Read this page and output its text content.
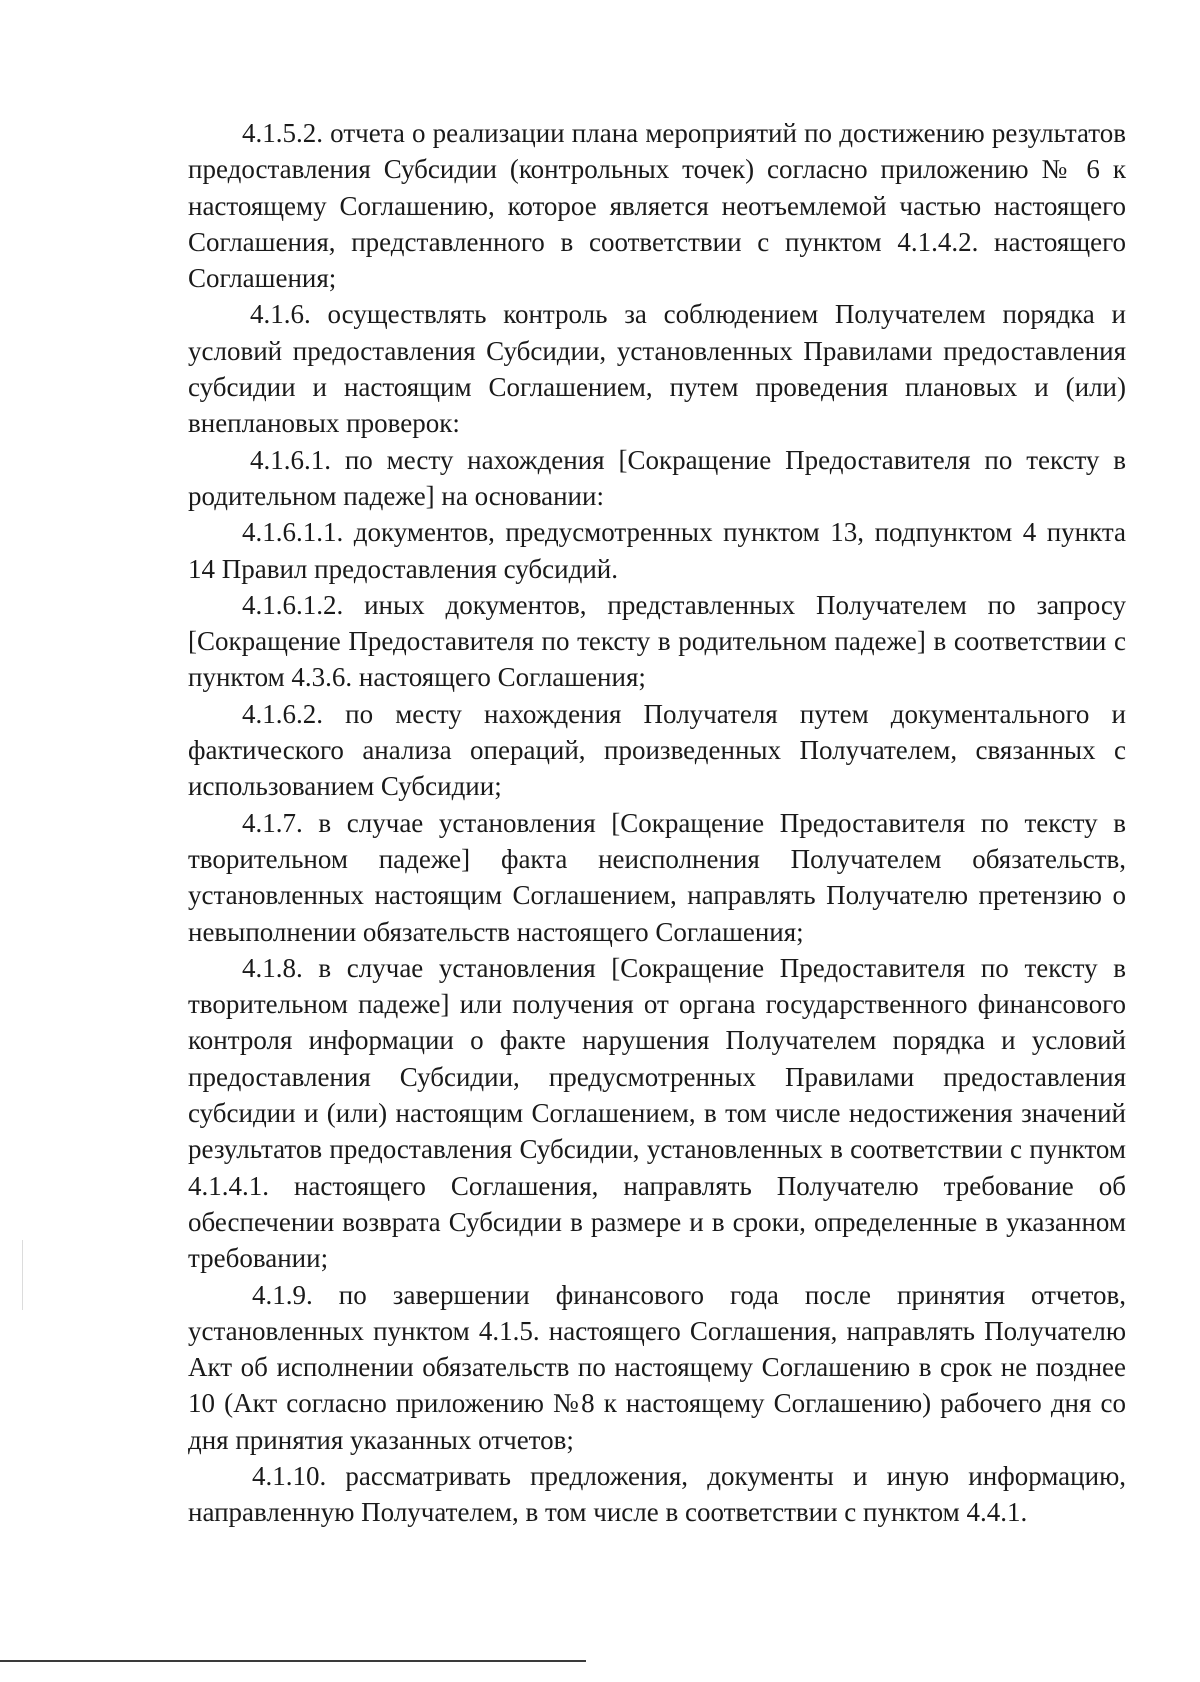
4.1.5.2. отчета о реализации плана мероприятий по достижению результатов предоставления Субсидии (контрольных точек) согласно приложению № 6 к настоящему Соглашению, которое является неотъемлемой частью настоящего Соглашения, представленного в соответствии с пунктом 4.1.4.2. настоящего Соглашения;

4.1.6. осуществлять контроль за соблюдением Получателем порядка и условий предоставления Субсидии, установленных Правилами предоставления субсидии и настоящим Соглашением, путем проведения плановых и (или) внеплановых проверок:

4.1.6.1. по месту нахождения [Сокращение Предоставителя по тексту в родительном падеже] на основании:

4.1.6.1.1. документов, предусмотренных пунктом 13, подпунктом 4 пункта 14 Правил предоставления субсидий.

4.1.6.1.2. иных документов, представленных Получателем по запросу [Сокращение Предоставителя по тексту в родительном падеже] в соответствии с пунктом 4.3.6. настоящего Соглашения;

4.1.6.2. по месту нахождения Получателя путем документального и фактического анализа операций, произведенных Получателем, связанных с использованием Субсидии;

4.1.7. в случае установления [Сокращение Предоставителя по тексту в творительном падеже] факта неисполнения Получателем обязательств, установленных настоящим Соглашением, направлять Получателю претензию о невыполнении обязательств настоящего Соглашения;

4.1.8. в случае установления [Сокращение Предоставителя по тексту в творительном падеже] или получения от органа государственного финансового контроля информации о факте нарушения Получателем порядка и условий предоставления Субсидии, предусмотренных Правилами предоставления субсидии и (или) настоящим Соглашением, в том числе недостижения значений результатов предоставления Субсидии, установленных в соответствии с пунктом 4.1.4.1. настоящего Соглашения, направлять Получателю требование об обеспечении возврата Субсидии в размере и в сроки, определенные в указанном требовании;

4.1.9. по завершении финансового года после принятия отчетов, установленных пунктом 4.1.5. настоящего Соглашения, направлять Получателю Акт об исполнении обязательств по настоящему Соглашению в срок не позднее 10 (Акт согласно приложению №8 к настоящему Соглашению) рабочего дня со дня принятия указанных отчетов;

4.1.10. рассматривать предложения, документы и иную информацию, направленную Получателем, в том числе в соответствии с пунктом 4.4.1.
